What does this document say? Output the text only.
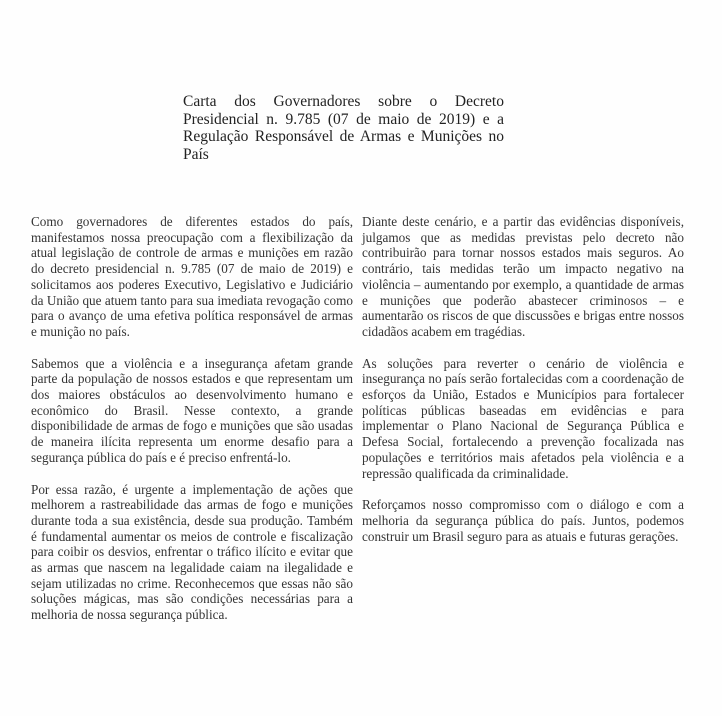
Carta dos Governadores sobre o Decreto Presidencial n. 9.785 (07 de maio de 2019) e a Regulação Responsável de Armas e Munições no País

Como governadores de diferentes estados do país, manifestamos nossa preocupação com a flexibilização da atual legislação de controle de armas e munições em razão do decreto presidencial n. 9.785 (07 de maio de 2019) e solicitamos aos poderes Executivo, Legislativo e Judiciário da União que atuem tanto para sua imediata revogação como para o avanço de uma efetiva política responsável de armas e munição no país.

Sabemos que a violência e a insegurança afetam grande parte da população de nossos estados e que representam um dos maiores obstáculos ao desenvolvimento humano e econômico do Brasil. Nesse contexto, a grande disponibilidade de armas de fogo e munições que são usadas de maneira ilícita representa um enorme desafio para a segurança pública do país e é preciso enfrentá-lo.

Por essa razão, é urgente a implementação de ações que melhorem a rastreabilidade das armas de fogo e munições durante toda a sua existência, desde sua produção. Também é fundamental aumentar os meios de controle e fiscalização para coibir os desvios, enfrentar o tráfico ilícito e evitar que as armas que nascem na legalidade caiam na ilegalidade e sejam utilizadas no crime. Reconhecemos que essas não são soluções mágicas, mas são condições necessárias para a melhoria de nossa segurança pública.

Diante deste cenário, e a partir das evidências disponíveis, julgamos que as medidas previstas pelo decreto não contribuirão para tornar nossos estados mais seguros. Ao contrário, tais medidas terão um impacto negativo na violência – aumentando por exemplo, a quantidade de armas e munições que poderão abastecer criminosos – e aumentarão os riscos de que discussões e brigas entre nossos cidadãos acabem em tragédias.

As soluções para reverter o cenário de violência e insegurança no país serão fortalecidas com a coordenação de esforços da União, Estados e Municípios para fortalecer políticas públicas baseadas em evidências e para implementar o Plano Nacional de Segurança Pública e Defesa Social, fortalecendo a prevenção focalizada nas populações e territórios mais afetados pela violência e a repressão qualificada da criminalidade.

Reforçamos nosso compromisso com o diálogo e com a melhoria da segurança pública do país. Juntos, podemos construir um Brasil seguro para as atuais e futuras gerações.
